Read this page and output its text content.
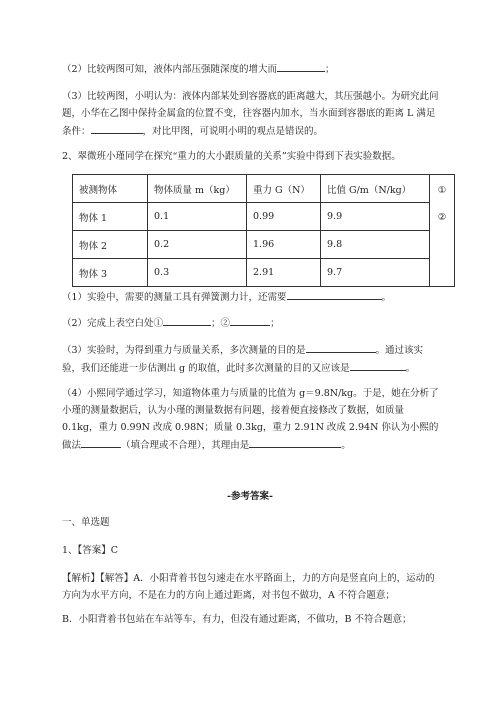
（2）比较两图可知，液体内部压强随深度的增大而	；
（3）比较两图，小明认为：液体内部某处到容器底的距离越大，其压强越小。为研究此问题，小华在乙图中保持金属盒的位置不变，往容器内加水，当水面到容器底的距离 L 满足条件：	，对比甲图，可说明小明的观点是错误的。
2、翠微班小瑾同学在探究“重力的大小跟质量的关系”实验中得到下表实验数据。
被测物体	物体质量 m（kg）	重力 G（N）	比值 G/m（N/kg）	①
②

物体 1	0.1	0.99	9.9	
物体 2	0.2	1.96	9.8	
物体 3	0.3	2.91	9.7	
（1）实验中，需要的测量工具有弹簧测力计，还需要	。
（2）完成上表空白处①	；②	；
（3）实验时，为得到重力与质量关系，多次测量的目的是	。通过该实验，我们还能进一步估测出 g 的取值，此时多次测量的目的又应该是	。
（4）小熙同学通过学习，知道物体重力与质量的比值为 g＝9.8N/kg。于是，她在分析了小瑾的测量数据后，认为小瑾的测量数据有问题，接着便直接修改了数据，如质量 0.1kg，重力 0.99N 改成 0.98N；质量 0.3kg，重力 2.91N 改成 2.94N 你认为小熙的做法	（填合理或不合理），其理由是	。
-参考答案-
一、单选题
1、【答案】C
【解析】【解答】A．小阳背着书包匀速走在水平路面上，力的方向是竖直向上的，运动的方向为水平方向，不是在力的方向上通过距离，对书包不做功，A 不符合题意；
B．小阳背着书包站在车站等车，有力，但没有通过距离，不做功，B 不符合题意；
